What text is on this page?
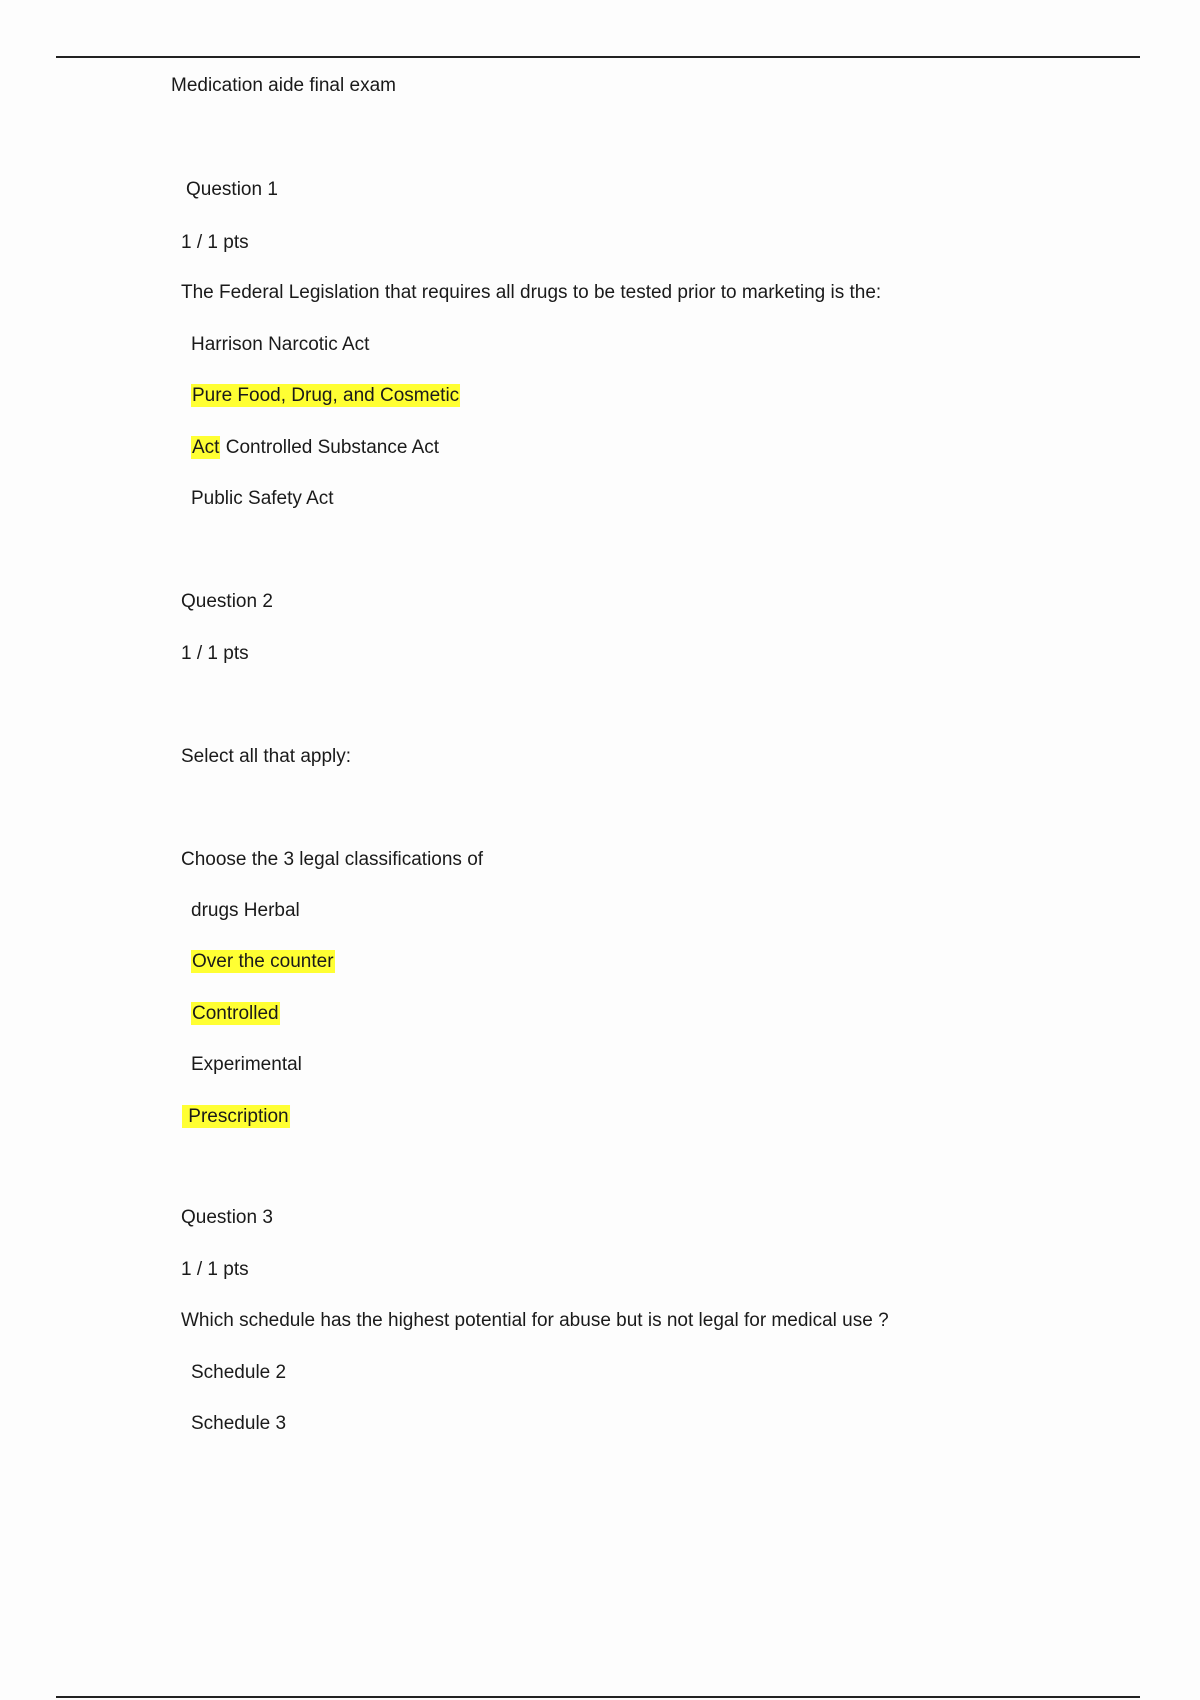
Medication aide final exam
Question 1
1 / 1 pts
The Federal Legislation that requires all drugs to be tested prior to marketing is the:
Harrison Narcotic Act
Pure Food, Drug, and Cosmetic
Act Controlled Substance Act
Public Safety Act
Question 2
1 / 1 pts
Select all that apply:
Choose the 3 legal classifications of
drugs Herbal
Over the counter
Controlled
Experimental
Prescription
Question 3
1 / 1 pts
Which schedule has the highest potential for abuse but is not legal for medical use ?
Schedule 2
Schedule 3
